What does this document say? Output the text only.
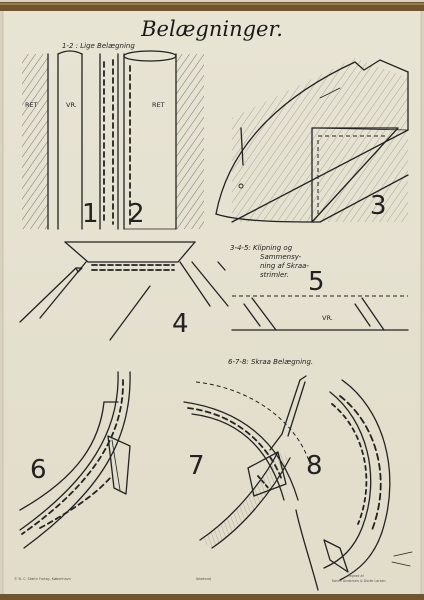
Belægninger.
1-2 : Lige Belægning
RET	VR.	RET
1 2	3
4
3-4-5: Klipning og
Sammensy-
ning af Skraa-
strimler. 5
VR.
6-7-8: Skraa Belægning.
6	7	8
© N. C. Stæhr Forlag, København	Ibladsvej
Tegnet af
Karen Andersen & Dorte Larsen
